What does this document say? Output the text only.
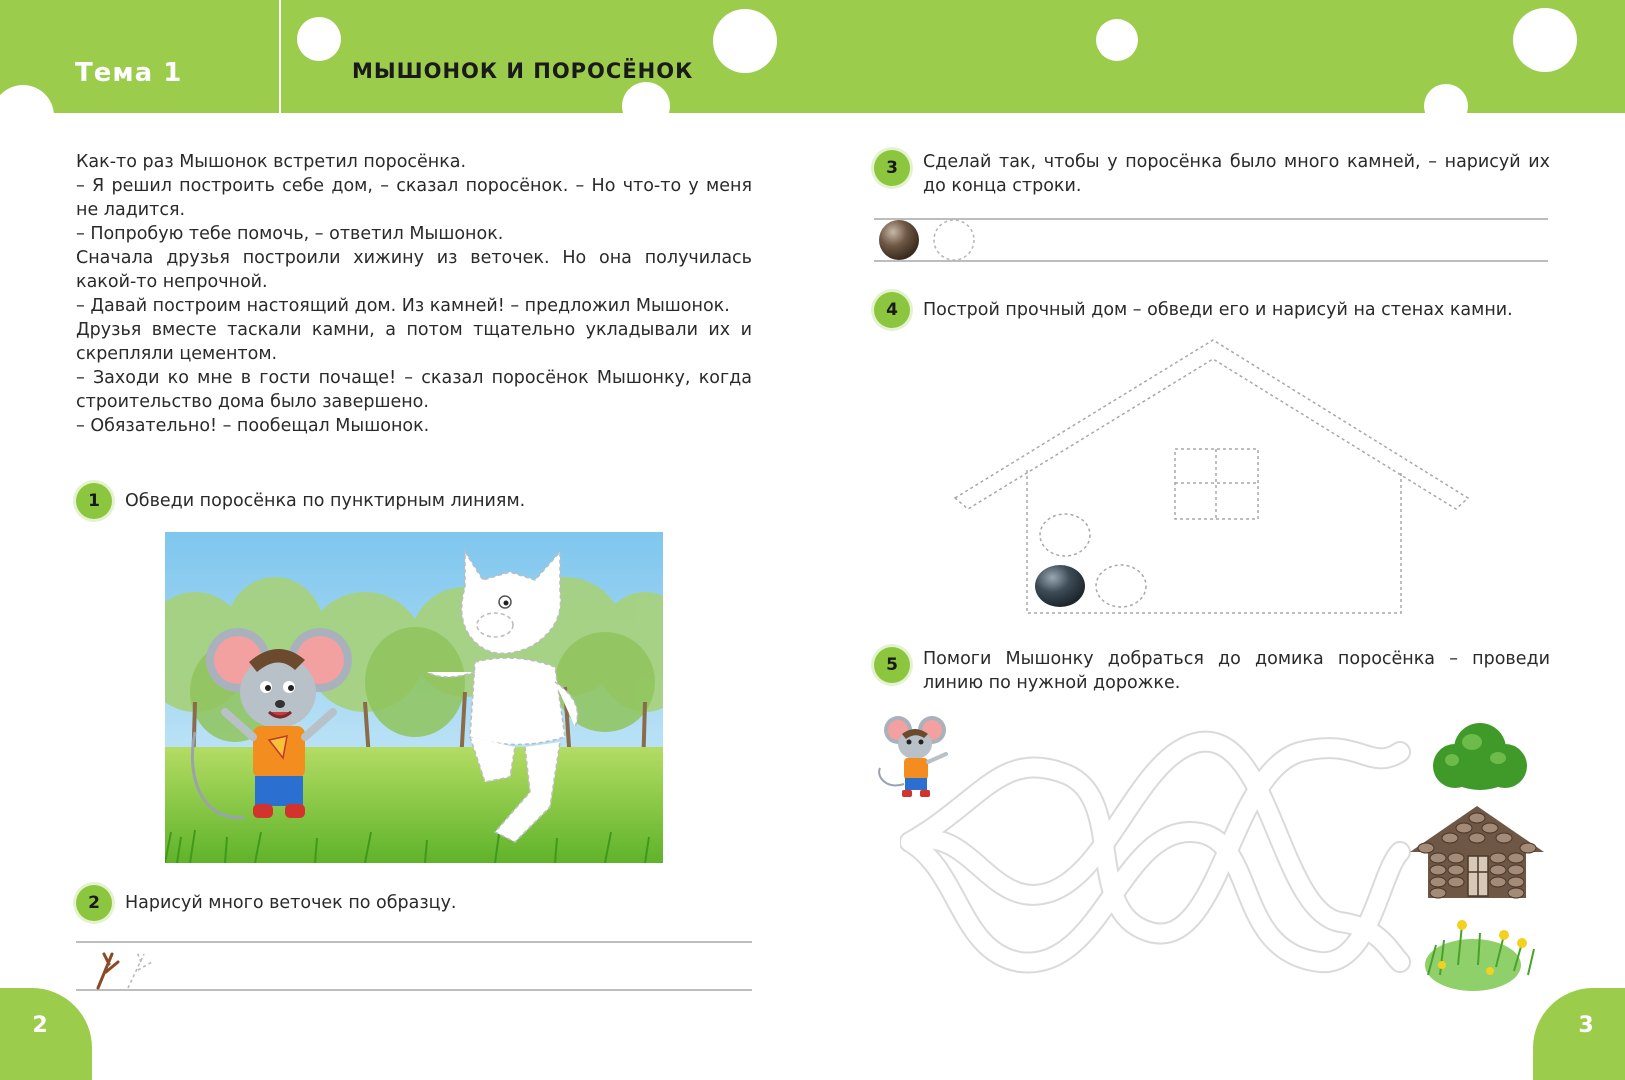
Тема 1	МЫШОНОК И ПОРОСЁНОК

Как-то раз Мышонок встретил поросёнка.

– Я решил построить себе дом, – сказал поросёнок. – Но что-то у меня не ладится.

– Попробую тебе помочь, – ответил Мышонок.

Сначала друзья построили хижину из веточек. Но она получилась какой-то непрочной.

– Давай построим настоящий дом. Из камней! – предложил Мышонок.

Друзья вместе таскали камни, а потом тщательно укладывали их и скрепляли цементом.

– Заходи ко мне в гости почаще! – сказал поросёнок Мышонку, когда строительство дома было завершено.

– Обязательно! – пообещал Мышонок.

1	Обведи поросёнка по пунктирным линиям.
2	Нарисуй много веточек по образцу.
2	3
3	Сделай так, чтобы у поросёнка было много камней, – нарисуй их до конца строки.
4	Построй прочный дом – обведи его и нарисуй на стенах камни.
5	Помоги Мышонку добраться до домика поросёнка – проведи линию по нужной дорожке.
